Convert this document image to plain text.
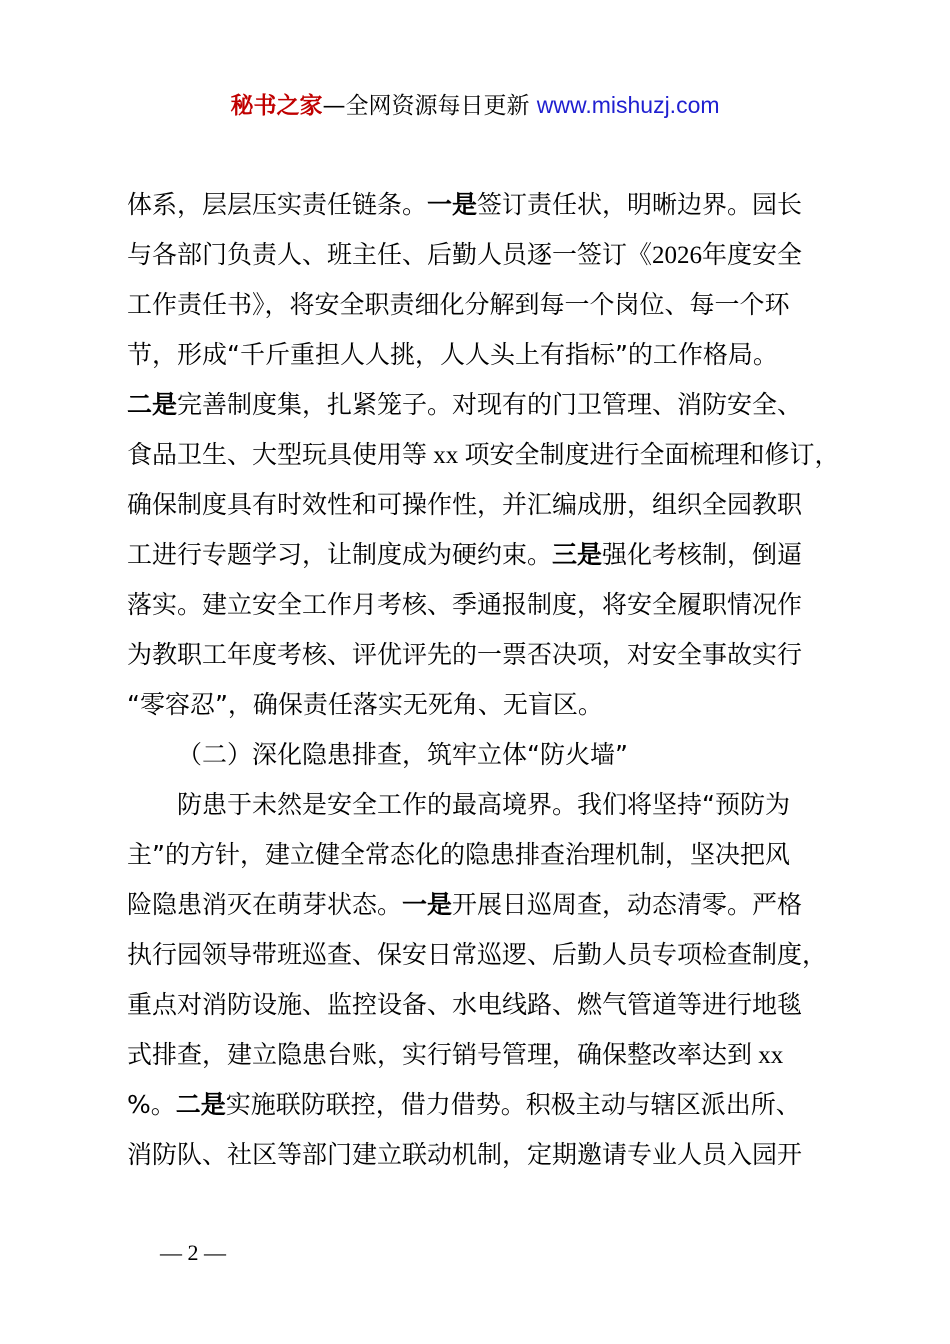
秘书之家—全网资源每日更新 www.mishuzj.com
体系，层层压实责任链条。一是签订责任状，明晰边界。园长
与各部门负责人、班主任、后勤人员逐一签订《2026年度安全
工作责任书》，将安全职责细化分解到每一个岗位、每一个环
节，形成“千斤重担人人挑，人人头上有指标”的工作格局。
二是完善制度集，扎紧笼子。对现有的门卫管理、消防安全、
食品卫生、大型玩具使用等 xx 项安全制度进行全面梳理和修订，
确保制度具有时效性和可操作性，并汇编成册，组织全园教职
工进行专题学习，让制度成为硬约束。三是强化考核制，倒逼
落实。建立安全工作月考核、季通报制度，将安全履职情况作
为教职工年度考核、评优评先的一票否决项，对安全事故实行
“零容忍”，确保责任落实无死角、无盲区。
（二）深化隐患排查，筑牢立体“防火墙”
防患于未然是安全工作的最高境界。我们将坚持“预防为
主”的方针，建立健全常态化的隐患排查治理机制，坚决把风
险隐患消灭在萌芽状态。一是开展日巡周查，动态清零。严格
执行园领导带班巡查、保安日常巡逻、后勤人员专项检查制度，
重点对消防设施、监控设备、水电线路、燃气管道等进行地毯
式排查，建立隐患台账，实行销号管理，确保整改率达到 xx
%。二是实施联防联控，借力借势。积极主动与辖区派出所、
消防队、社区等部门建立联动机制，定期邀请专业人员入园开
— 2 —
